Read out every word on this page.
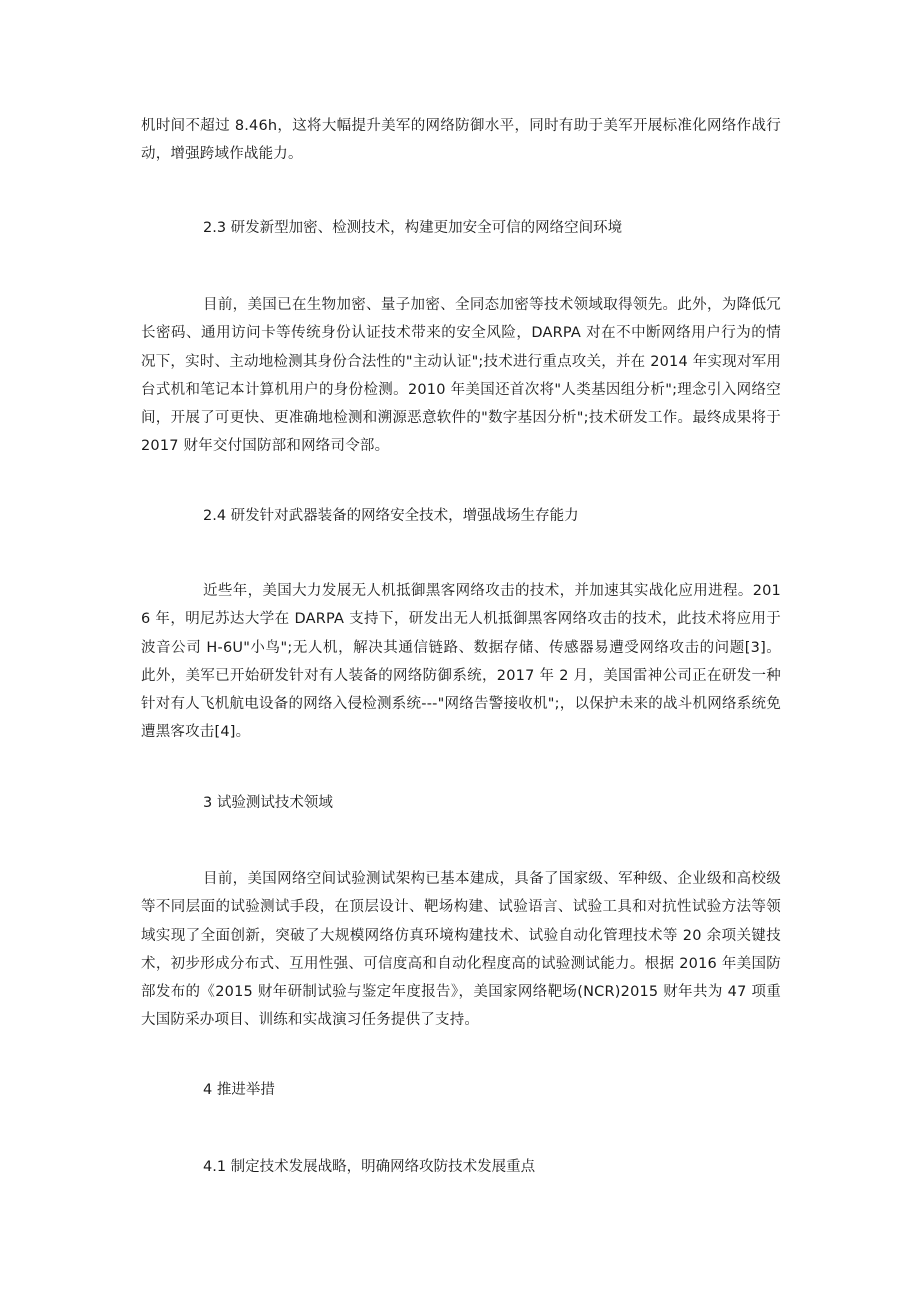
机时间不超过 8.46h，这将大幅提升美军的网络防御水平，同时有助于美军开展标准化网络作战行动，增强跨域作战能力。
2.3 研发新型加密、检测技术，构建更加安全可信的网络空间环境
目前，美国已在生物加密、量子加密、全同态加密等技术领域取得领先。此外，为降低冗长密码、通用访问卡等传统身份认证技术带来的安全风险，DARPA 对在不中断网络用户行为的情况下，实时、主动地检测其身份合法性的"主动认证";技术进行重点攻关，并在 2014 年实现对军用台式机和笔记本计算机用户的身份检测。2010 年美国还首次将"人类基因组分析";理念引入网络空间，开展了可更快、更准确地检测和溯源恶意软件的"数字基因分析";技术研发工作。最终成果将于 2017 财年交付国防部和网络司令部。
2.4 研发针对武器装备的网络安全技术，增强战场生存能力
近些年，美国大力发展无人机抵御黑客网络攻击的技术，并加速其实战化应用进程。2016 年，明尼苏达大学在 DARPA 支持下，研发出无人机抵御黑客网络攻击的技术，此技术将应用于波音公司 H-6U"小鸟";无人机，解决其通信链路、数据存储、传感器易遭受网络攻击的问题[3]。此外，美军已开始研发针对有人装备的网络防御系统，2017 年 2 月，美国雷神公司正在研发一种针对有人飞机航电设备的网络入侵检测系统---"网络告警接收机";，以保护未来的战斗机网络系统免遭黑客攻击[4]。
3 试验测试技术领域
目前，美国网络空间试验测试架构已基本建成，具备了国家级、军种级、企业级和高校级等不同层面的试验测试手段，在顶层设计、靶场构建、试验语言、试验工具和对抗性试验方法等领域实现了全面创新，突破了大规模网络仿真环境构建技术、试验自动化管理技术等 20 余项关键技术，初步形成分布式、互用性强、可信度高和自动化程度高的试验测试能力。根据 2016 年美国防部发布的《2015 财年研制试验与鉴定年度报告》，美国家网络靶场(NCR)2015 财年共为 47 项重大国防采办项目、训练和实战演习任务提供了支持。
4 推进举措
4.1 制定技术发展战略，明确网络攻防技术发展重点
